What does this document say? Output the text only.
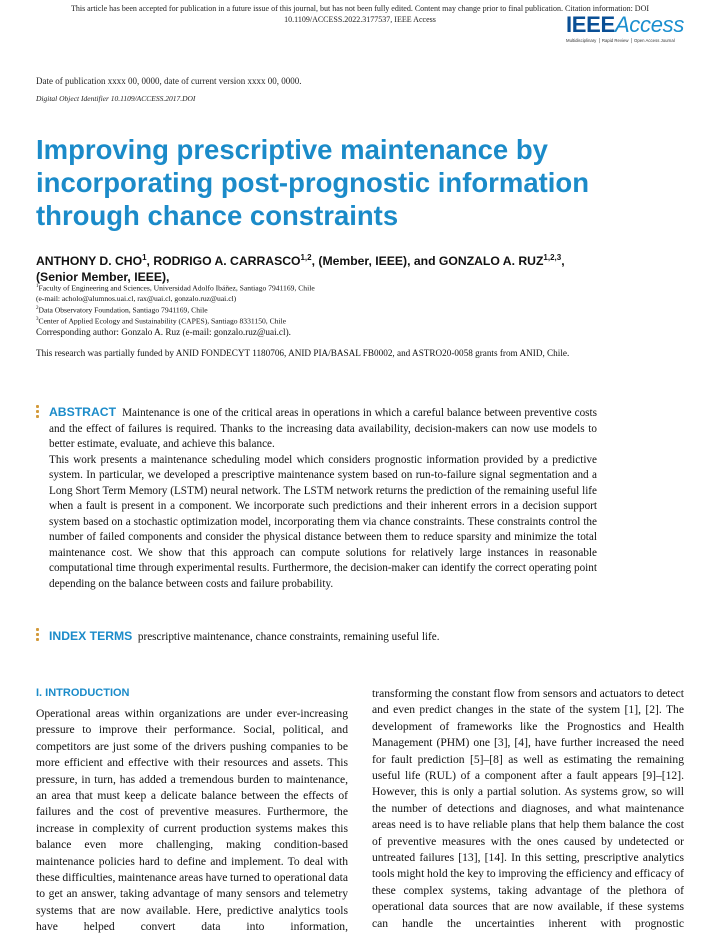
This article has been accepted for publication in a future issue of this journal, but has not been fully edited. Content may change prior to final publication. Citation information: DOI 10.1109/ACCESS.2022.3177537, IEEE Access	IEEEAccess
Multidisciplinary ⎪ Rapid Review ⎪ Open Access Journal
Date of publication xxxx 00, 0000, date of current version xxxx 00, 0000.
Digital Object Identifier 10.1109/ACCESS.2017.DOI
Improving prescriptive maintenance by incorporating post-prognostic information through chance constraints
ANTHONY D. CHO$^1$, RODRIGO A. CARRASCO$^{1,2}$, (Member, IEEE), and GONZALO A. RUZ$^{1,2,3}$, (Senior Member, IEEE),
$^1$Faculty of Engineering and Sciences, Universidad Adolfo Ibáñez, Santiago 7941169, Chile
(e-mail: acholo@alumnos.uai.cl, rax@uai.cl, gonzalo.ruz@uai.cl)
$^2$Data Observatory Foundation, Santiago 7941169, Chile
$^3$Center of Applied Ecology and Sustainability (CAPES), Santiago 8331150, Chile
Corresponding author: Gonzalo A. Ruz (e-mail: gonzalo.ruz@uai.cl).
This research was partially funded by ANID FONDECYT 1180706, ANID PIA/BASAL FB0002, and ASTRO20-0058 grants from ANID, Chile.

ABSTRACT Maintenance is one of the critical areas in operations in which a careful balance between preventive costs and the effect of failures is required. Thanks to the increasing data availability, decision-makers can now use models to better estimate, evaluate, and achieve this balance.

This work presents a maintenance scheduling model which considers prognostic information provided by a predictive system. In particular, we developed a prescriptive maintenance system based on run-to-failure signal segmentation and a Long Short Term Memory (LSTM) neural network. The LSTM network returns the prediction of the remaining useful life when a fault is present in a component. We incorporate such predictions and their inherent errors in a decision support system based on a stochastic optimization model, incorporating them via chance constraints. These constraints control the number of failed components and consider the physical distance between them to reduce sparsity and minimize the total maintenance cost. We show that this approach can compute solutions for relatively large instances in reasonable computational time through experimental results. Furthermore, the decision-maker can identify the correct operating point depending on the balance between costs and failure probability.

INDEX TERMS prescriptive maintenance, chance constraints, remaining useful life.
I. INTRODUCTION
Operational areas within organizations are under ever-increasing pressure to improve their performance. Social, political, and competitors are just some of the drivers pushing companies to be more efficient and effective with their resources and assets. This pressure, in turn, has added a tremendous burden to maintenance, an area that must keep a delicate balance between the effects of failures and the cost of preventive measures. Furthermore, the increase in complexity of current production systems makes this balance even more challenging, making condition-based maintenance policies hard to define and implement. To deal with these difficulties, maintenance areas have turned to operational data to get an answer, taking advantage of many sensors and telemetry systems that are now available. Here, predictive analytics tools have helped convert data into information,
transforming the constant flow from sensors and actuators to detect and even predict changes in the state of the system [1], [2]. The development of frameworks like the Prognostics and Health Management (PHM) one [3], [4], have further increased the need for fault prediction [5]–[8] as well as estimating the remaining useful life (RUL) of a component after a fault appears [9]–[12]. However, this is only a partial solution. As systems grow, so will the number of detections and diagnoses, and what maintenance areas need is to have reliable plans that help them balance the cost of preventive measures with the ones caused by undetected or untreated failures [13], [14]. In this setting, prescriptive analytics tools might hold the key to improving the efficiency and efficacy of these complex systems, taking advantage of the plethora of operational data sources that are now available, if these systems can handle the uncertainties inherent with prognostic
